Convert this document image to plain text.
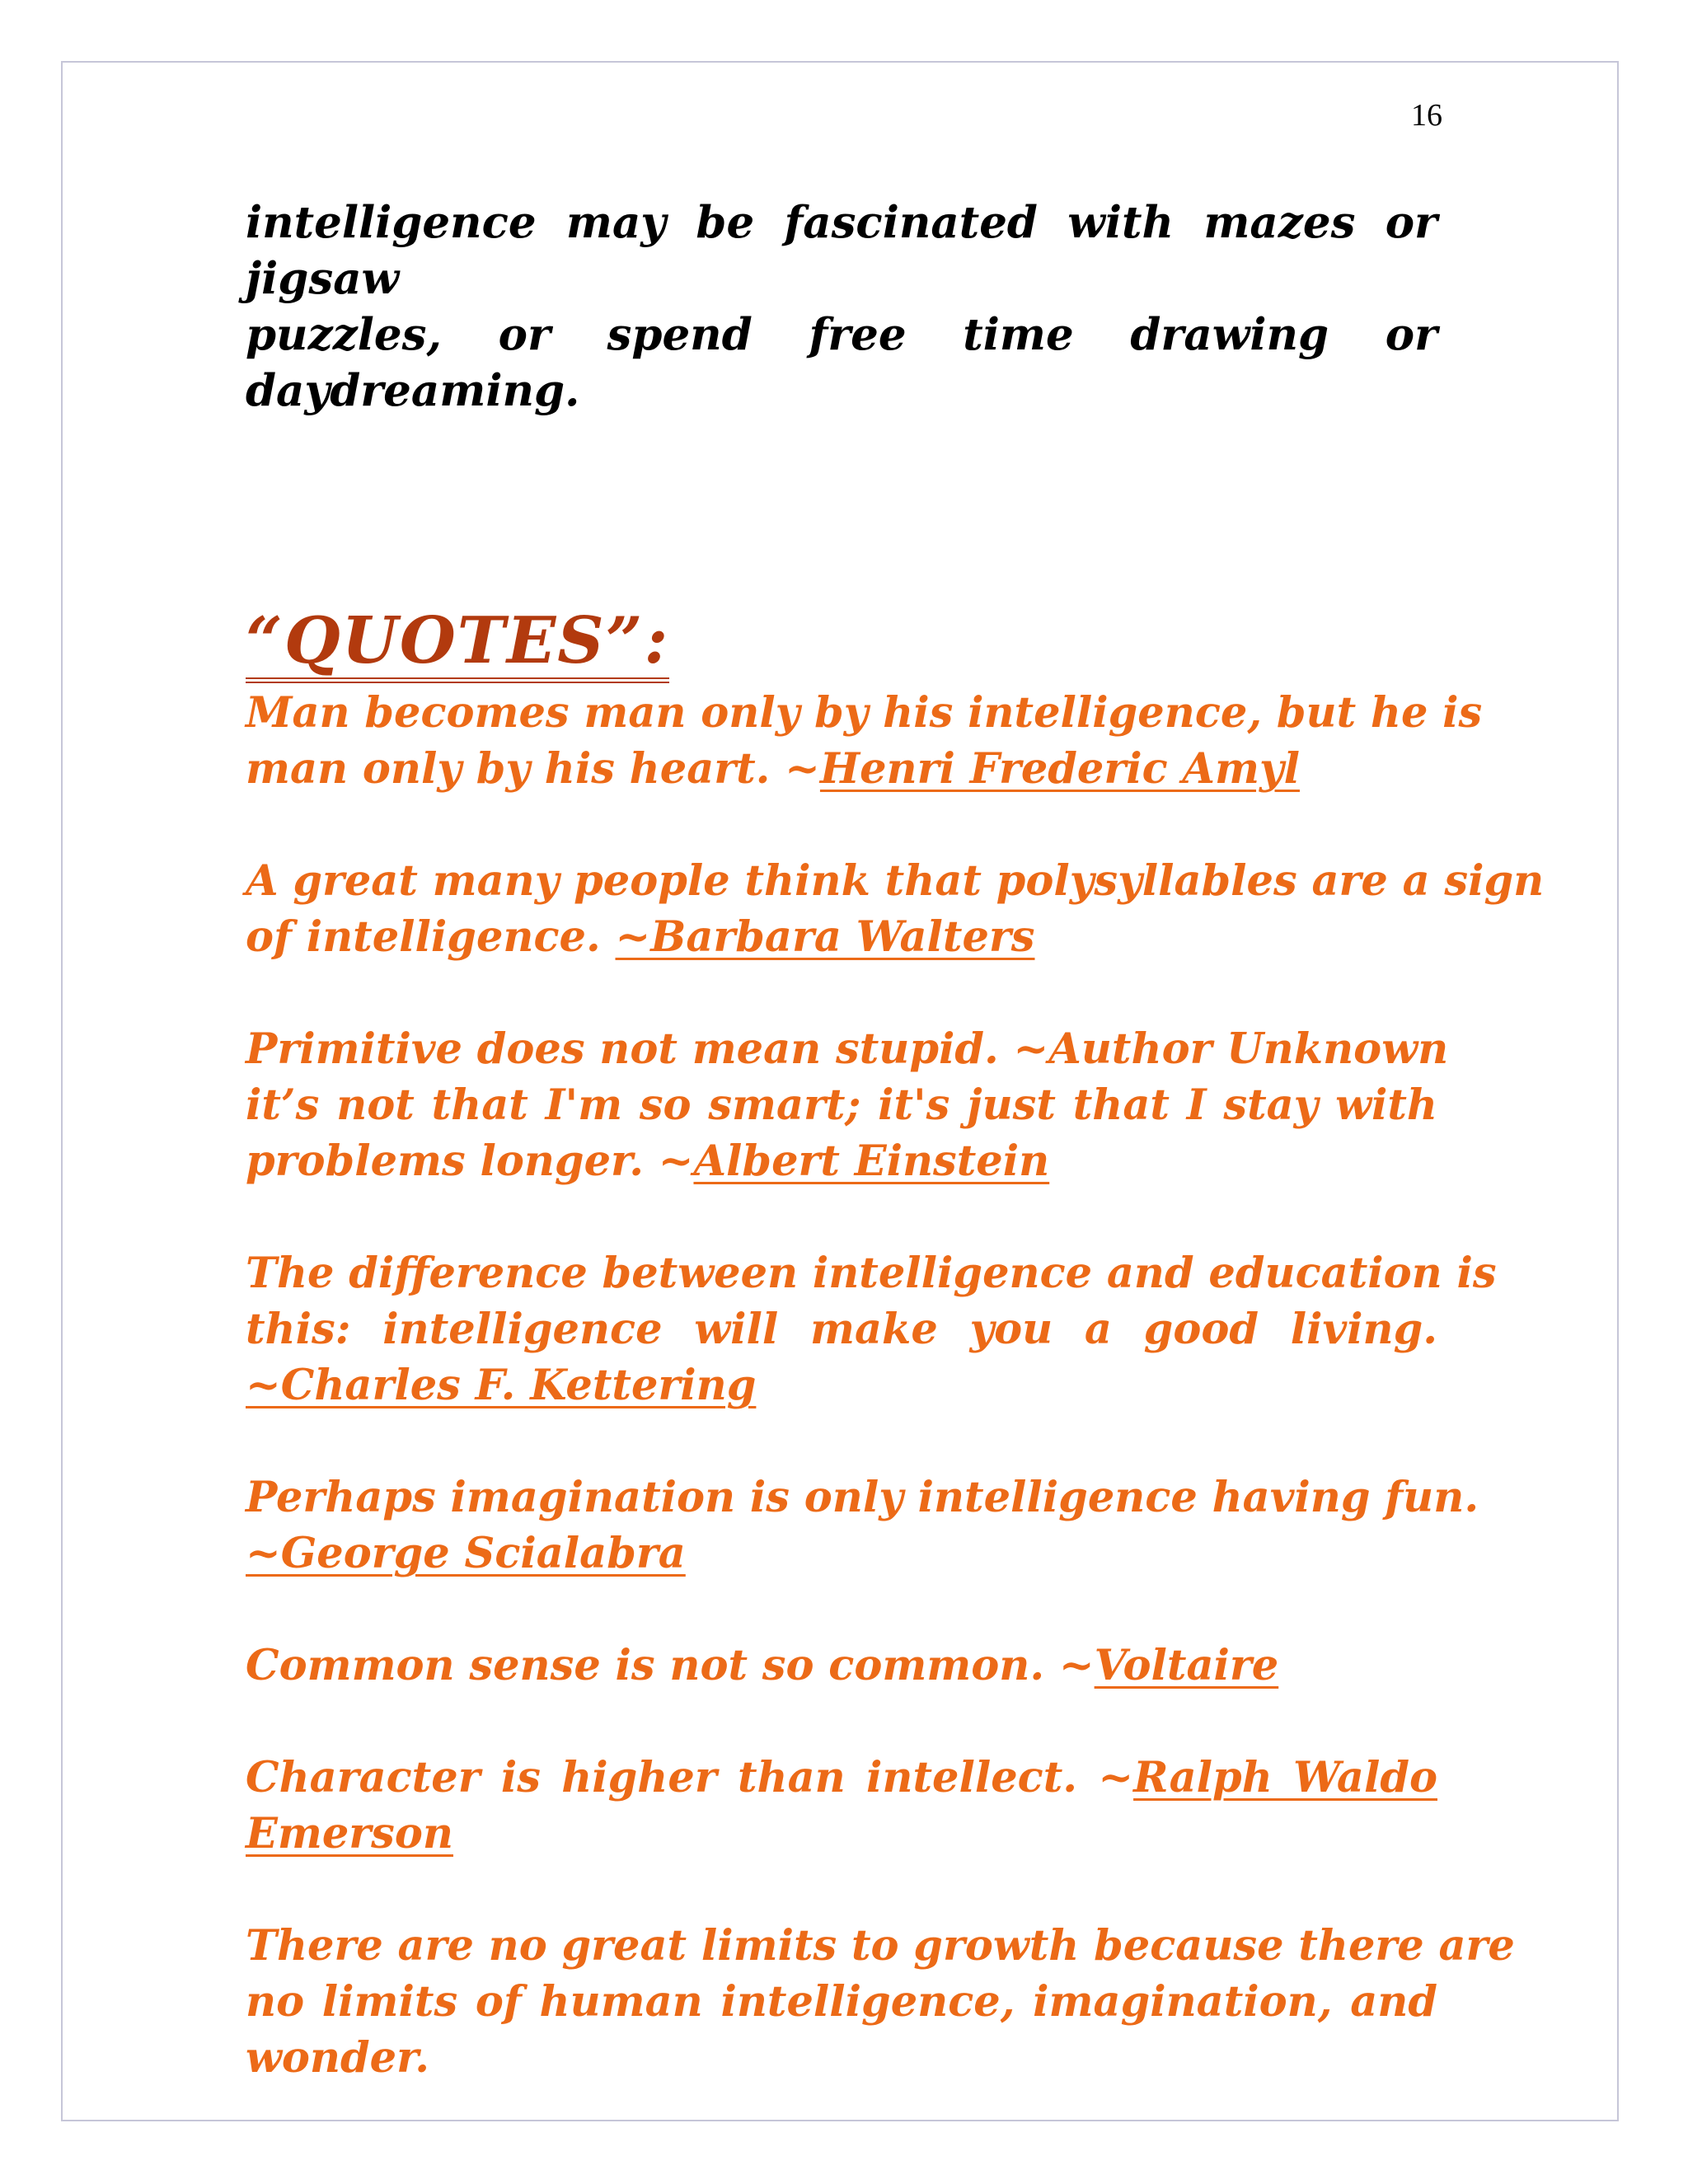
16

intelligence may be fascinated with mazes or jigsaw
puzzles, or spend free time drawing or daydreaming.

“QUOTES”:

Man becomes man only by his intelligence, but he is
man only by his heart. ~Henri Frederic Amyl

A great many people think that polysyllables are a sign
of intelligence. ~Barbara Walters

Primitive does not mean stupid. ~Author Unknown
it’s not that I'm so smart; it's just that I stay with
problems longer. ~Albert Einstein

The difference between intelligence and education is
this: intelligence will make you a good living.
~Charles F. Kettering

Perhaps imagination is only intelligence having fun.
~George Scialabra

Common sense is not so common. ~Voltaire

Character is higher than intellect. ~Ralph Waldo
Emerson

There are no great limits to growth because there are
no limits of human intelligence, imagination, and
wonder.
